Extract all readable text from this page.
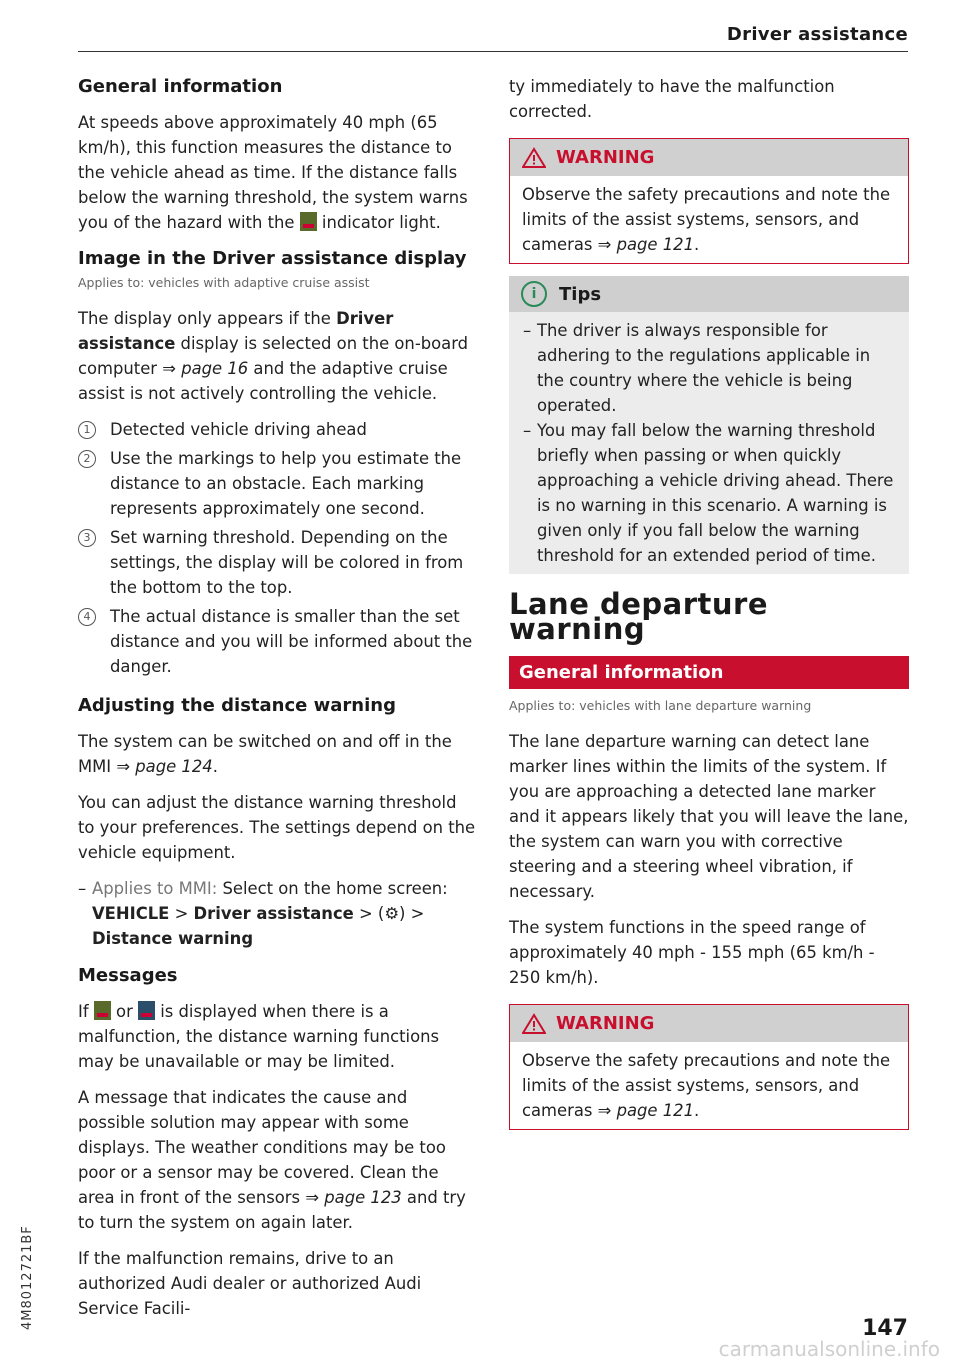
Driver assistance
General information

At speeds above approximately 40 mph (65 km/h), this function measures the distance to the vehicle ahead as time. If the distance falls below the warning threshold, the system warns you of the hazard with the  indicator light.

Image in the Driver assistance display
Applies to: vehicles with adaptive cruise assist

The display only appears if the Driver assistance display is selected on the on-board computer ⇒ page 16 and the adaptive cruise assist is not actively controlling the vehicle.

1	Detected vehicle driving ahead
2	Use the markings to help you estimate the distance to an obstacle. Each marking represents approximately one second.
3	Set warning threshold. Depending on the settings, the display will be colored in from the bottom to the top.
4	The actual distance is smaller than the set distance and you will be informed about the danger.
Adjusting the distance warning

The system can be switched on and off in the MMI ⇒ page 124.

You can adjust the distance warning threshold to your preferences. The settings depend on the vehicle equipment.

– Applies to MMI: Select on the home screen: VEHICLE > Driver assistance > (⚙) > Distance warning
Messages

If  or  is displayed when there is a malfunction, the distance warning functions may be unavailable or may be limited.

A message that indicates the cause and possible solution may appear with some displays. The weather conditions may be too poor or a sensor may be covered. Clean the area in front of the sensors ⇒ page 123 and try to turn the system on again later.

If the malfunction remains, drive to an authorized Audi dealer or authorized Audi Service Facili-

ty immediately to have the malfunction corrected.

WARNING
Observe the safety precautions and note the limits of the assist systems, sensors, and cameras ⇒ page 121.
i	Tips
– The driver is always responsible for adhering to the regulations applicable in the country where the vehicle is being operated.
– You may fall below the warning threshold briefly when passing or when quickly approaching a vehicle driving ahead. There is no warning in this scenario. A warning is given only if you fall below the warning threshold for an extended period of time.
Lane departure warning
General information
Applies to: vehicles with lane departure warning

The lane departure warning can detect lane marker lines within the limits of the system. If you are approaching a detected lane marker and it appears likely that you will leave the lane, the system can warn you with corrective steering and a steering wheel vibration, if necessary.

The system functions in the speed range of approximately 40 mph - 155 mph (65 km/h - 250 km/h).

WARNING
Observe the safety precautions and note the limits of the assist systems, sensors, and cameras ⇒ page 121.
4M8012721BF	147
carmanualsonline.info
